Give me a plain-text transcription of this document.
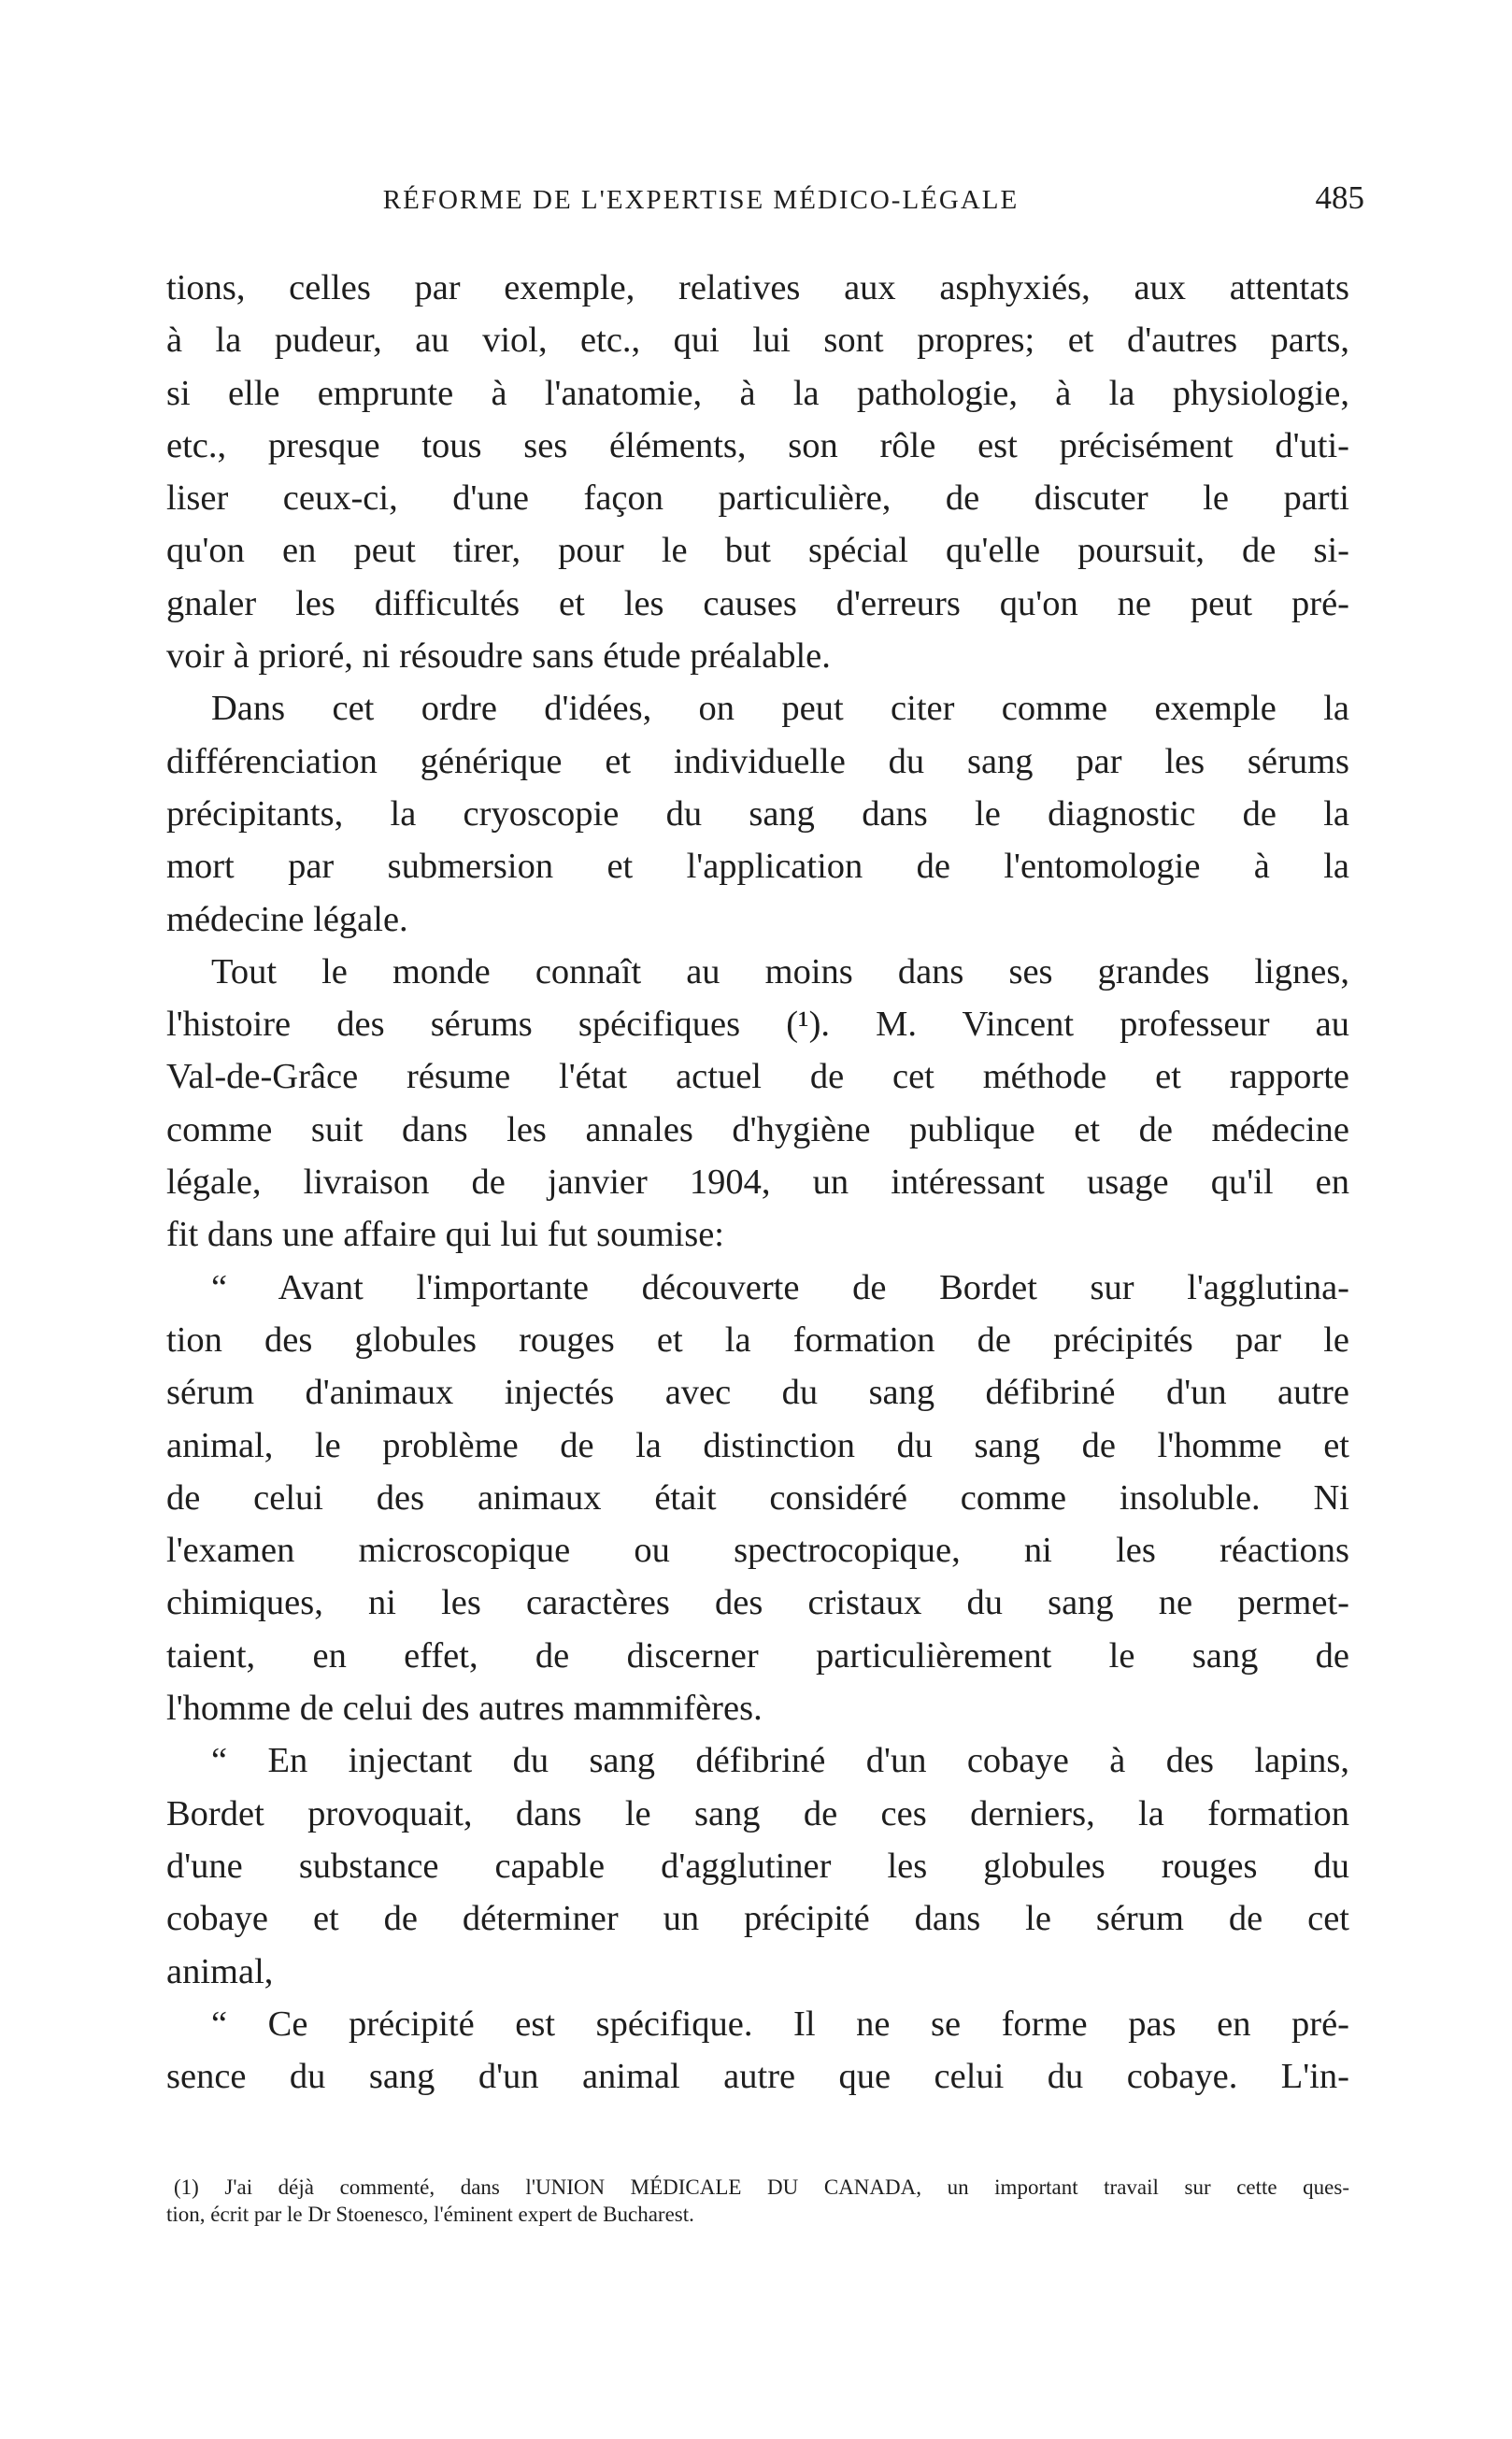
RÉFORME DE L'EXPERTISE MÉDICO-LÉGALE	485
tions, celles par exemple, relatives aux asphyxiés, aux attentats
à la pudeur, au viol, etc., qui lui sont propres; et d'autres parts,
si elle emprunte à l'anatomie, à la pathologie, à la physiologie,
etc., presque tous ses éléments, son rôle est précisément d'uti-
liser ceux-ci, d'une façon particulière, de discuter le parti
qu'on en peut tirer, pour le but spécial qu'elle poursuit, de si-
gnaler les difficultés et les causes d'erreurs qu'on ne peut pré-
voir à prioré, ni résoudre sans étude préalable.
Dans cet ordre d'idées, on peut citer comme exemple la
différenciation générique et individuelle du sang par les sérums
précipitants, la cryoscopie du sang dans le diagnostic de la
mort par submersion et l'application de l'entomologie à la
médecine légale.
Tout le monde connaît au moins dans ses grandes lignes,
l'histoire des sérums spécifiques (¹). M. Vincent professeur au
Val-de-Grâce résume l'état actuel de cet méthode et rapporte
comme suit dans les annales d'hygiène publique et de médecine
légale, livraison de janvier 1904, un intéressant usage qu'il en
fit dans une affaire qui lui fut soumise:
“ Avant l'importante découverte de Bordet sur l'agglutina-
tion des globules rouges et la formation de précipités par le
sérum d'animaux injectés avec du sang défibriné d'un autre
animal, le problème de la distinction du sang de l'homme et
de celui des animaux était considéré comme insoluble. Ni
l'examen microscopique ou spectrocopique, ni les réactions
chimiques, ni les caractères des cristaux du sang ne permet-
taient, en effet, de discerner particulièrement le sang de
l'homme de celui des autres mammifères.
“ En injectant du sang défibriné d'un cobaye à des lapins,
Bordet provoquait, dans le sang de ces derniers, la formation
d'une substance capable d'agglutiner les globules rouges du
cobaye et de déterminer un précipité dans le sérum de cet
animal,
“ Ce précipité est spécifique. Il ne se forme pas en pré-
sence du sang d'un animal autre que celui du cobaye. L'in-
(1) J'ai déjà commenté, dans l'UNION MÉDICALE DU CANADA, un important travail sur cette ques-
tion, écrit par le Dr Stoenesco, l'éminent expert de Bucharest.
